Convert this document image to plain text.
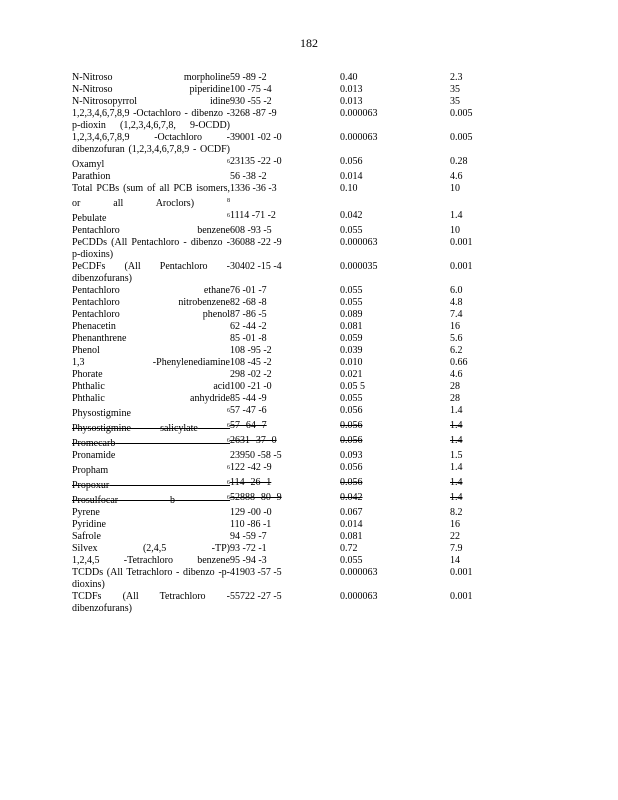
182
N-Nitroso morpholine	59 -89 -2	0.40	2.3
N-Nitroso piperidine	100 -75 -4	0.013	35
N-Nitrosopyrrol idine	930 -55 -2	0.013	35
1,2,3,4,6,7,8,9 -Octachloro - dibenzo -p-dioxin (1,2,3,4,6,7,8, 9-OCDD)	3268 -87 -9	0.000063	0.005
1,2,3,4,6,7,8,9 -Octachloro - dibenzofuran (1,2,3,4,6,7,8,9 - OCDF)	39001 -02 -0	0.000063	0.005
Oxamyl $^6$	23135 -22 -0	0.056	0.28
Parathion	56 -38 -2	0.014	4.6
Total PCBs (sum of all PCB isomers, or all Aroclors) $^8$	1336 -36 -3	0.10	10
Pebulate $^6$	1114 -71 -2	0.042	1.4
Pentachloro benzene	608 -93 -5	0.055	10
PeCDDs (All Pentachloro - dibenzo -p-dioxins)	36088 -22 -9	0.000063	0.001
PeCDFs (All Pentachloro - dibenzofurans)	30402 -15 -4	0.000035	0.001
Pentachloro ethane	76 -01 -7	0.055	6.0
Pentachloro nitrobenzene	82 -68 -8	0.055	4.8
Pentachloro phenol	87 -86 -5	0.089	7.4
Phenacetin	62 -44 -2	0.081	16
Phenanthrene	85 -01 -8	0.059	5.6
Phenol	108 -95 -2	0.039	6.2
1,3 -Phenylenediamine	108 -45 -2	0.010	0.66
Phorate	298 -02 -2	0.021	4.6
Phthalic acid	100 -21 -0	0.05 5	28
Phthalic anhydride	85 -44 -9	0.055	28
Physostigmine $^6$	57 -47 -6	0.056	1.4
Physostigmine salicylate $^6$	57 -64 -7	0.056	1.4
Promecarb $^6$	2631 -37 -0	0.056	1.4
Pronamide	23950 -58 -5	0.093	1.5
Propham $^6$	122 -42 -9	0.056	1.4
Propoxur $^6$	114 -26 -1	0.056	1.4
Prosulfocar b $^6$	52888 -80 -9	0.042	1.4
Pyrene	129 -00 -0	0.067	8.2
Pyridine	110 -86 -1	0.014	16
Safrole	94 -59 -7	0.081	22
Silvex (2,4,5 -TP)	93 -72 -1	0.72	7.9
1,2,4,5 -Tetrachloro benzene	95 -94 -3	0.055	14
TCDDs (All Tetrachloro - dibenzo -p-dioxins)	41903 -57 -5	0.000063	0.001
TCDFs (All Tetrachloro - dibenzofurans)	55722 -27 -5	0.000063	0.001
